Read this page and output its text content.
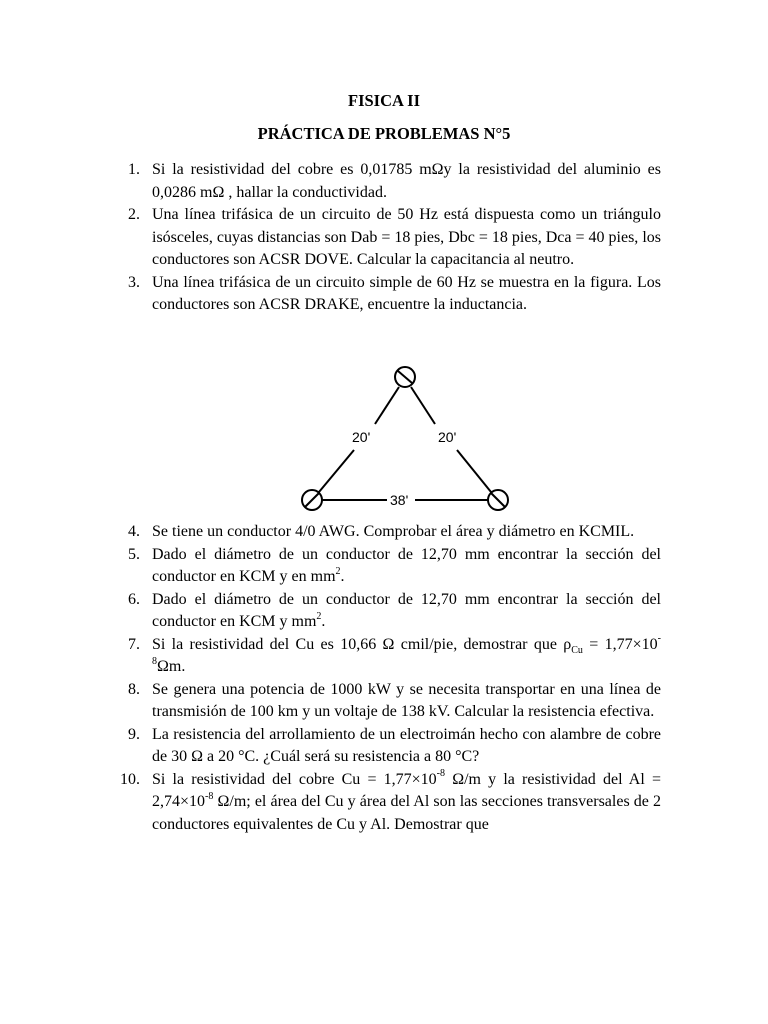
FISICA II
PRÁCTICA DE PROBLEMAS N°5
1. Si la resistividad del cobre es 0,01785 mΩy la resistividad del aluminio es 0,0286 mΩ , hallar la conductividad.
2. Una línea trifásica de un circuito de 50 Hz está dispuesta como un triángulo isósceles, cuyas distancias son Dab = 18 pies, Dbc = 18 pies, Dca = 40 pies, los conductores son ACSR DOVE. Calcular la capacitancia al neutro.
3. Una línea trifásica de un circuito simple de 60 Hz se muestra en la figura. Los conductores son ACSR DRAKE, encuentre la inductancia.
20'	20'
38'
4. Se tiene un conductor 4/0 AWG. Comprobar el área y diámetro en KCMIL.
5. Dado el diámetro de un conductor de 12,70 mm encontrar la sección del conductor en KCM y en $mm^2$.
6. Dado el diámetro de un conductor de 12,70 mm encontrar la sección del conductor en KCM y $mm^2$.
7. Si la resistividad del Cu es 10,66 Ω cmil/pie, demostrar que $\rho_{Cu} = 1,77\times 10^{-8}\Omega m$.
8. Se genera una potencia de 1000 kW y se necesita transportar en una línea de transmisión de 100 km y un voltaje de 138 kV. Calcular la resistencia efectiva.
9. La resistencia del arrollamiento de un electroimán hecho con alambre de cobre de 30 Ω a 20 °C. ¿Cuál será su resistencia a 80 °C?
10. Si la resistividad del cobre $Cu = 1,77\times 10^{-8}$ Ω/m y la resistividad del $Al = 2,74\times 10^{-8}$ Ω/m; el área del Cu y área del Al son las secciones transversales de 2 conductores equivalentes de Cu y Al. Demostrar que
